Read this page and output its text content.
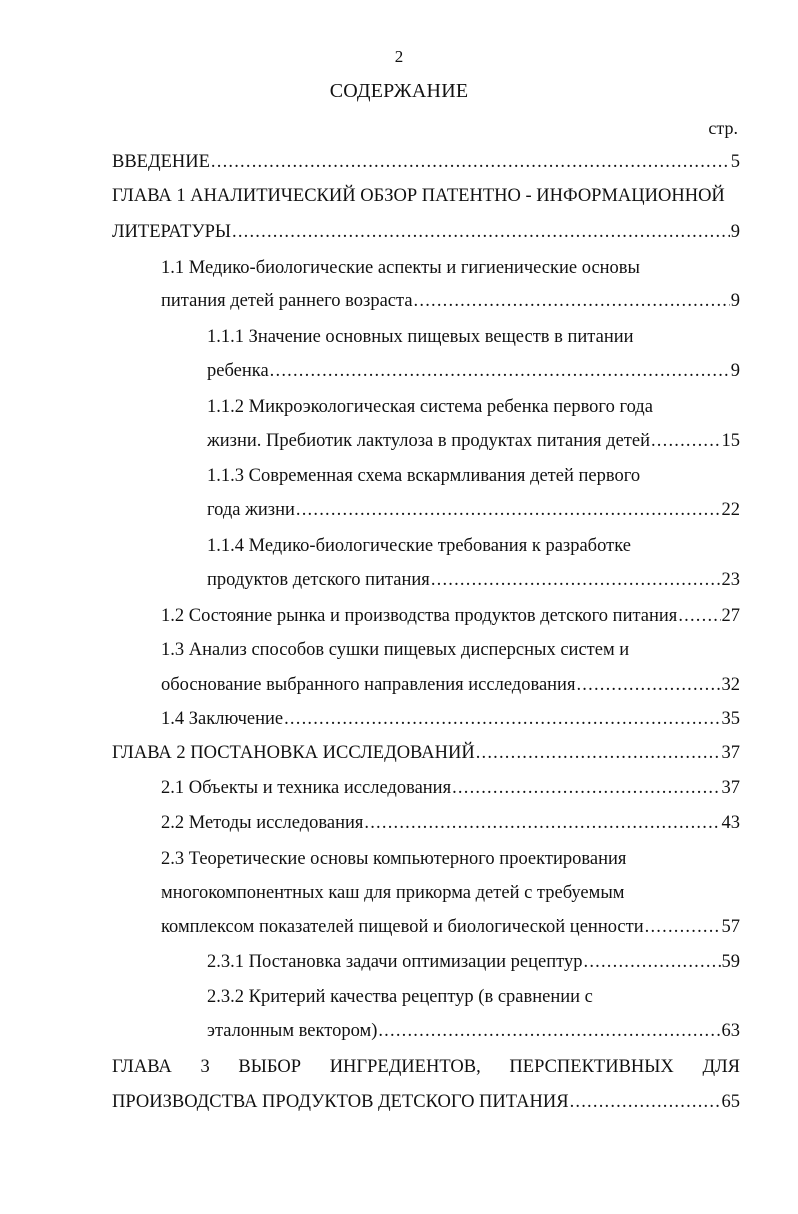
2
СОДЕРЖАНИЕ
стр.
ВВЕДЕНИЕ .....	5
ГЛАВА 1 АНАЛИТИЧЕСКИЙ ОБЗОР ПАТЕНТНО - ИНФОРМАЦИОННОЙ
ЛИТЕРАТУРЫ .....	9
1.1 Медико-биологические аспекты и гигиенические основы
питания детей раннего возраста .....	9
1.1.1 Значение основных пищевых веществ в питании
ребенка .....	9
1.1.2 Микроэкологическая система ребенка первого года
жизни. Пребиотик лактулоза в продуктах питания детей .....	15
1.1.3 Современная схема вскармливания детей первого
года жизни .....	22
1.1.4 Медико-биологические требования к разработке
продуктов детского питания .....	23
1.2 Состояние рынка и производства продуктов детского питания ..... 27
1.3 Анализ способов сушки пищевых дисперсных систем и
обоснование выбранного направления исследования .....	32
1.4 Заключение .....	35
ГЛАВА 2 ПОСТАНОВКА ИССЛЕДОВАНИЙ .....	37
2.1 Объекты и техника исследования .....	37
2.2 Методы исследования .....	43
2.3 Теоретические основы компьютерного проектирования
многокомпонентных каш для прикорма детей с требуемым
комплексом показателей пищевой и биологической ценности .....	57
2.3.1 Постановка задачи оптимизации рецептур .....	59
2.3.2 Критерий качества рецептур (в сравнении с
эталонным вектором) .....	63
ГЛАВА 3 ВЫБОР ИНГРЕДИЕНТОВ, ПЕРСПЕКТИВНЫХ ДЛЯ
ПРОИЗВОДСТВА ПРОДУКТОВ ДЕТСКОГО ПИТАНИЯ .....	65
